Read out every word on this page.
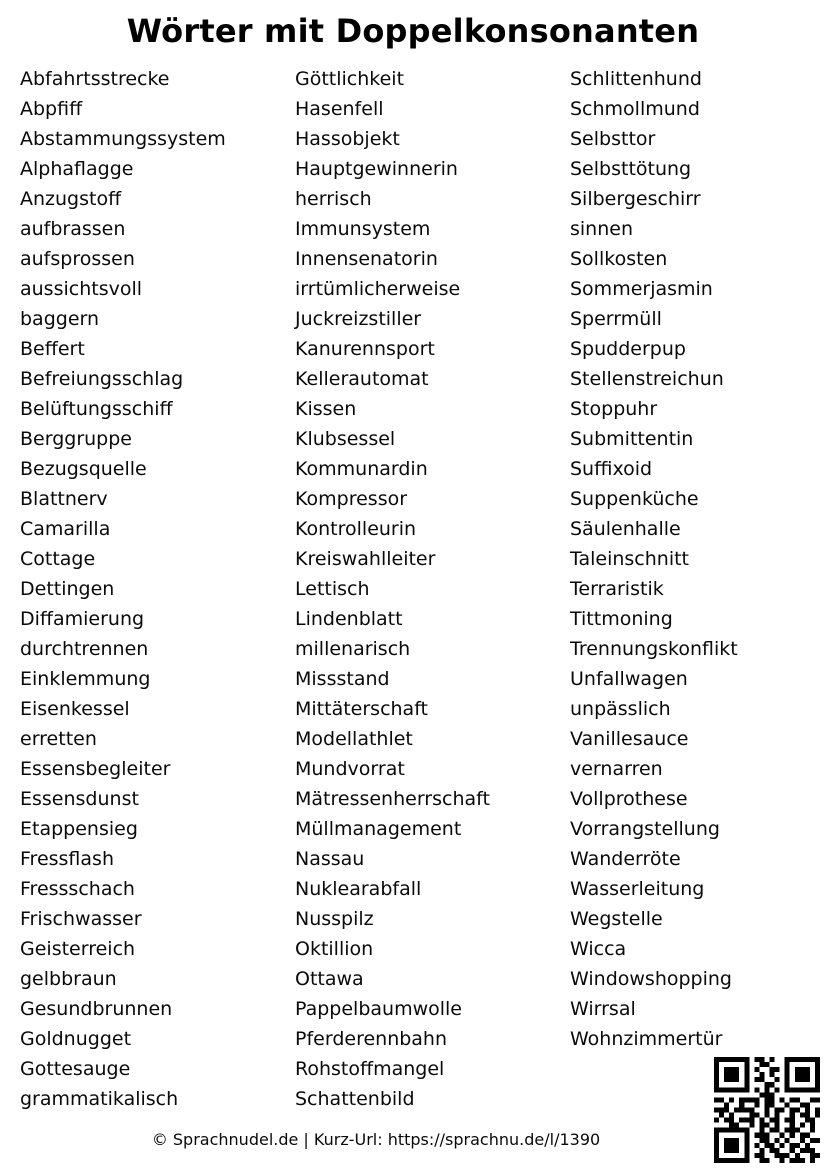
Wörter mit Doppelkonsonanten
Abfahrtsstrecke
Abpfiff
Abstammungssystem
Alphaflagge
Anzugstoff
aufbrassen
aufsprossen
aussichtsvoll
baggern
Beffert
Befreiungsschlag
Belüftungsschiff
Berggruppe
Bezugsquelle
Blattnerv
Camarilla
Cottage
Dettingen
Diffamierung
durchtrennen
Einklemmung
Eisenkessel
erretten
Essensbegleiter
Essensdunst
Etappensieg
Fressflash
Fressschach
Frischwasser
Geisterreich
gelbbraun
Gesundbrunnen
Goldnugget
Gottesauge
grammatikalisch
Göttlichkeit
Hasenfell
Hassobjekt
Hauptgewinnerin
herrisch
Immunsystem
Innensenatorin
irrtümlicherweise
Juckreizstiller
Kanurennsport
Kellerautomat
Kissen
Klubsessel
Kommunardin
Kompressor
Kontrolleurin
Kreiswahlleiter
Lettisch
Lindenblatt
millenarisch
Missstand
Mittäterschaft
Modellathlet
Mundvorrat
Mätressenherrschaft
Müllmanagement
Nassau
Nuklearabfall
Nusspilz
Oktillion
Ottawa
Pappelbaumwolle
Pferderennbahn
Rohstoffmangel
Schattenbild
Schlittenhund
Schmollmund
Selbsttor
Selbsttötung
Silbergeschirr
sinnen
Sollkosten
Sommerjasmin
Sperrmüll
Spudderpup
Stellenstreichun
Stoppuhr
Submittentin
Suffixoid
Suppenküche
Säulenhalle
Taleinschnitt
Terraristik
Tittmoning
Trennungskonflikt
Unfallwagen
unpässlich
Vanillesauce
vernarren
Vollprothese
Vorrangstellung
Wanderröte
Wasserleitung
Wegstelle
Wicca
Windowshopping
Wirrsal
Wohnzimmertür
© Sprachnudel.de | Kurz-Url: https://sprachnu.de/l/1390
